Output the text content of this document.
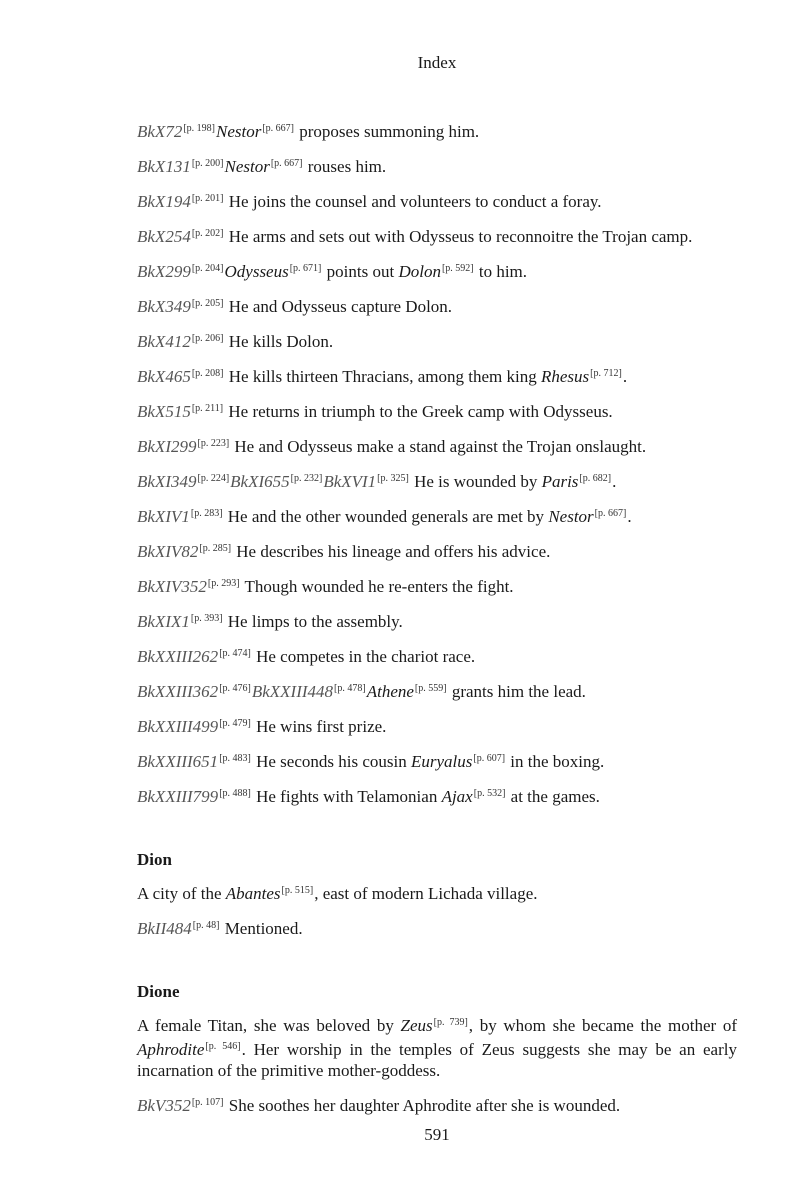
Index
BkX72[p. 198]Nestor[p. 667] proposes summoning him.
BkX131[p. 200]Nestor[p. 667] rouses him.
BkX194[p. 201] He joins the counsel and volunteers to conduct a foray.
BkX254[p. 202] He arms and sets out with Odysseus to reconnoitre the Trojan camp.
BkX299[p. 204]Odysseus[p. 671] points out Dolon[p. 592] to him.
BkX349[p. 205] He and Odysseus capture Dolon.
BkX412[p. 206] He kills Dolon.
BkX465[p. 208] He kills thirteen Thracians, among them king Rhesus[p. 712].
BkX515[p. 211] He returns in triumph to the Greek camp with Odysseus.
BkXI299[p. 223] He and Odysseus make a stand against the Trojan onslaught.
BkXI349[p. 224]BkXI655[p. 232]BkXVI1[p. 325] He is wounded by Paris[p. 682].
BkXIV1[p. 283] He and the other wounded generals are met by Nestor[p. 667].
BkXIV82[p. 285] He describes his lineage and offers his advice.
BkXIV352[p. 293] Though wounded he re-enters the fight.
BkXIX1[p. 393] He limps to the assembly.
BkXXIII262[p. 474] He competes in the chariot race.
BkXXIII362[p. 476]BkXXIII448[p. 478]Athene[p. 559] grants him the lead.
BkXXIII499[p. 479] He wins first prize.
BkXXIII651[p. 483] He seconds his cousin Euryalus[p. 607] in the boxing.
BkXXIII799[p. 488] He fights with Telamonian Ajax[p. 532] at the games.
Dion
A city of the Abantes[p. 515], east of modern Lichada village.
BkII484[p. 48] Mentioned.
Dione
A female Titan, she was beloved by Zeus[p. 739], by whom she became the mother of Aphrodite[p. 546]. Her worship in the temples of Zeus suggests she may be an early incarnation of the primitive mother-goddess.
BkV352[p. 107] She soothes her daughter Aphrodite after she is wounded.
591
